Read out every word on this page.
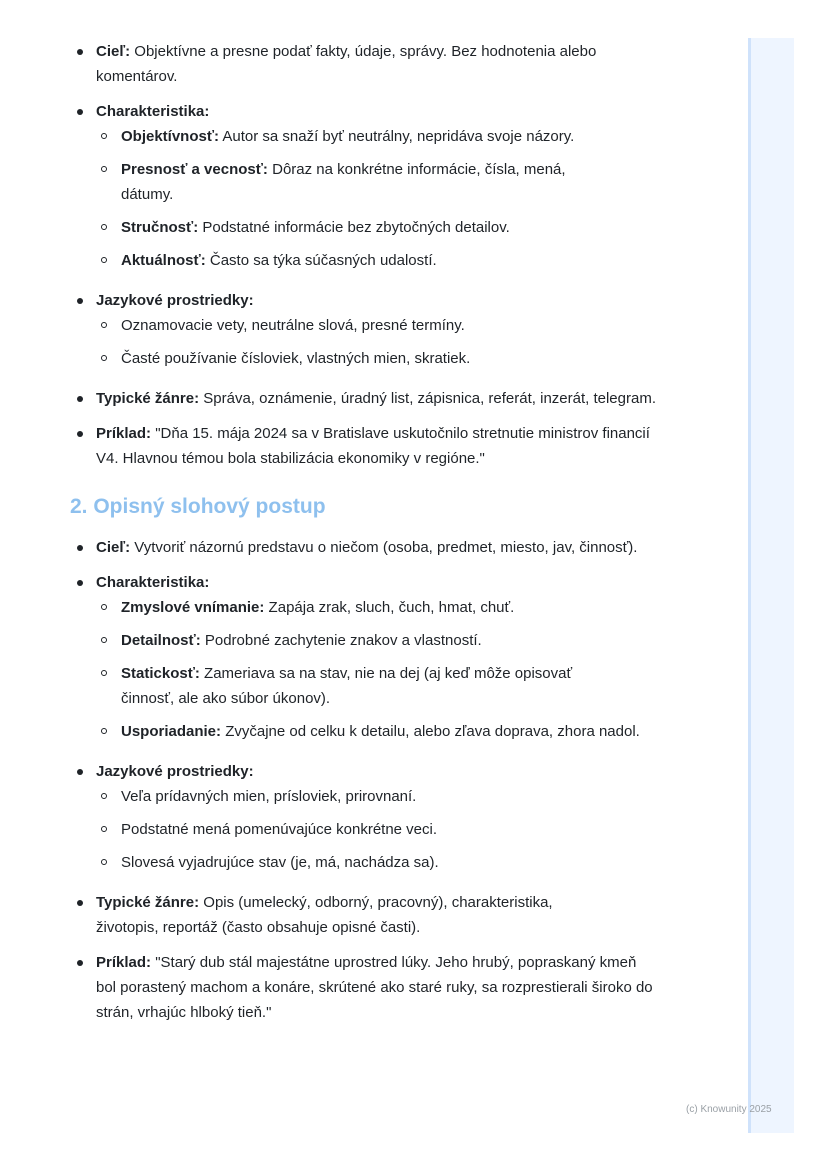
Cieľ: Objektívne a presne podať fakty, údaje, správy. Bez hodnotenia alebo komentárov.
Charakteristika:
Objektívnosť: Autor sa snaží byť neutrálny, nepridáva svoje názory.
Presnosť a vecnosť: Dôraz na konkrétne informácie, čísla, mená, dátumy.
Stručnosť: Podstatné informácie bez zbytočných detailov.
Aktuálnosť: Často sa týka súčasných udalostí.
Jazykové prostriedky:
Oznamovacie vety, neutrálne slová, presné termíny.
Časté používanie čísloviek, vlastných mien, skratiek.
Typické žánre: Správa, oznámenie, úradný list, zápisnica, referát, inzerát, telegram.
Príklad: "Dňa 15. mája 2024 sa v Bratislave uskutočnilo stretnutie ministrov financií V4. Hlavnou témou bola stabilizácia ekonomiky v regióne."
2. Opisný slohový postup
Cieľ: Vytvoriť názornú predstavu o niečom (osoba, predmet, miesto, jav, činnosť).
Charakteristika:
Zmyslové vnímanie: Zapája zrak, sluch, čuch, hmat, chuť.
Detailnosť: Podrobné zachytenie znakov a vlastností.
Statickosť: Zameriava sa na stav, nie na dej (aj keď môže opisovať činnosť, ale ako súbor úkonov).
Usporiadanie: Zvyčajne od celku k detailu, alebo zľava doprava, zhora nadol.
Jazykové prostriedky:
Veľa prídavných mien, prísloviek, prirovnaní.
Podstatné mená pomenúvajúce konkrétne veci.
Slovesá vyjadrujúce stav (je, má, nachádza sa).
Typické žánre: Opis (umelecký, odborný, pracovný), charakteristika, životopis, reportáž (často obsahuje opisné časti).
Príklad: "Starý dub stál majestátne uprostred lúky. Jeho hrubý, popraskaný kmeň bol porastený machom a konáre, skrútené ako staré ruky, sa rozprestierali široko do strán, vrhajúc hlboký tieň."
(c) Knowunity 2025
